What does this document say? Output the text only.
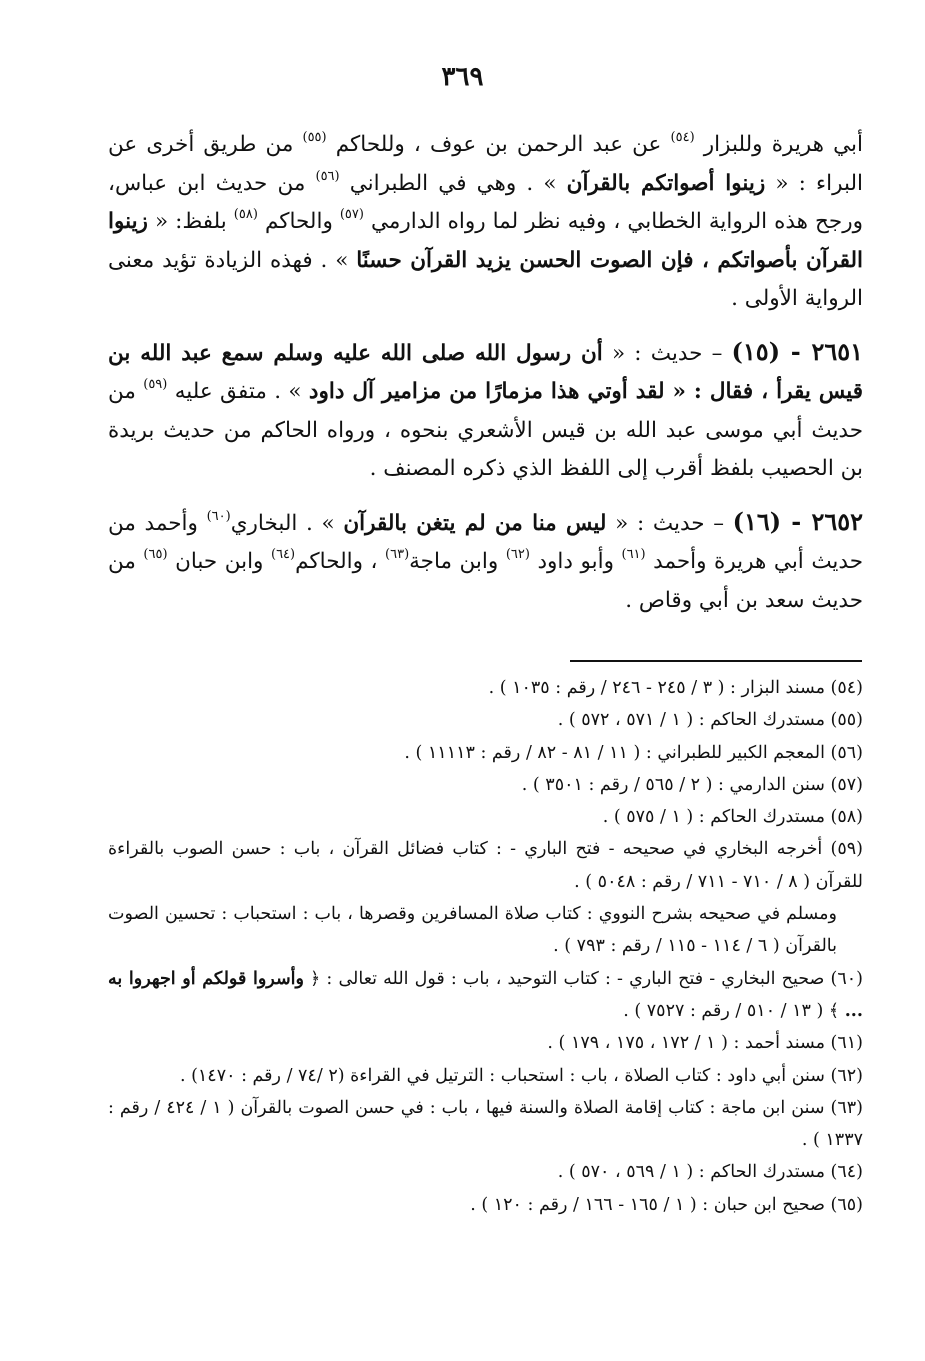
٣٦٩

أبي هريرة وللبزار $^{(٥٤)}$ عن عبد الرحمن بن عوف ، وللحاكم $^{(٥٥)}$ من طريق أخرى عن البراء : « زينوا أصواتكم بالقرآن » . وهي في الطبراني $^{(٥٦)}$ من حديث ابن عباس، ورجح هذه الرواية الخطابي ، وفيه نظر لما رواه الدارمي $^{(٥٧)}$ والحاكم $^{(٥٨)}$ بلفظ: « زينوا القرآن بأصواتكم ، فإن الصوت الحسن يزيد القرآن حسنًا » . فهذه الزيادة تؤيد معنى الرواية الأولى .

٢٦٥١ - (١٥) – حديث : « أن رسول الله صلى الله عليه وسلم سمع عبد الله بن قيس يقرأ ، فقال : « لقد أوتي هذا مزمارًا من مزامير آل داود » . متفق عليه $^{(٥٩)}$ من حديث أبي موسى عبد الله بن قيس الأشعري بنحوه ، ورواه الحاكم من حديث بريدة بن الحصيب بلفظ أقرب إلى اللفظ الذي ذكره المصنف .

٢٦٥٢ - (١٦) – حديث : « ليس منا من لم يتغن بالقرآن » . البخاري$^{(٦٠)}$ وأحمد من حديث أبي هريرة وأحمد $^{(٦١)}$ وأبو داود $^{(٦٢)}$ وابن ماجة$^{(٦٣)}$ ، والحاكم$^{(٦٤)}$ وابن حبان $^{(٦٥)}$ من حديث سعد بن أبي وقاص .

(٥٤) مسند البزار : ( ٣ / ٢٤٥ - ٢٤٦ / رقم : ١٠٣٥ ) .

(٥٥) مستدرك الحاكم : ( ١ / ٥٧١ ، ٥٧٢ ) .

(٥٦) المعجم الكبير للطبراني : ( ١١ / ٨١ - ٨٢ / رقم : ١١١١٣ ) .

(٥٧) سنن الدارمي : ( ٢ / ٥٦٥ / رقم : ٣٥٠١ ) .

(٥٨) مستدرك الحاكم : ( ١ / ٥٧٥ ) .

(٥٩) أخرجه البخاري في صحيحه - فتح الباري - : كتاب فضائل القرآن ، باب : حسن الصوب بالقراءة للقرآن ( ٨ / ٧١٠ - ٧١١ / رقم : ٥٠٤٨ ) .

ومسلم في صحيحه بشرح النووي : كتاب صلاة المسافرين وقصرها ، باب : استحباب : تحسين الصوت بالقرآن ( ٦ / ١١٤ - ١١٥ / رقم : ٧٩٣ ) .

(٦٠) صحيح البخاري - فتح الباري - : كتاب التوحيد ، باب : قول الله تعالى : ﴿ وأسروا قولكم أو اجهروا به ... ﴾ ( ١٣ / ٥١٠ / رقم : ٧٥٢٧ ) .

(٦١) مسند أحمد : ( ١ / ١٧٢ ، ١٧٥ ، ١٧٩ ) .

(٦٢) سنن أبي داود : كتاب الصلاة ، باب : استحباب : الترتيل في القراءة (٢ /٧٤ / رقم : ١٤٧٠) .

(٦٣) سنن ابن ماجة : كتاب إقامة الصلاة والسنة فيها ، باب : في حسن الصوت بالقرآن ( ١ / ٤٢٤ / رقم : ١٣٣٧ ) .

(٦٤) مستدرك الحاكم : ( ١ / ٥٦٩ ، ٥٧٠ ) .

(٦٥) صحيح ابن حبان : ( ١ / ١٦٥ - ١٦٦ / رقم : ١٢٠ ) .
